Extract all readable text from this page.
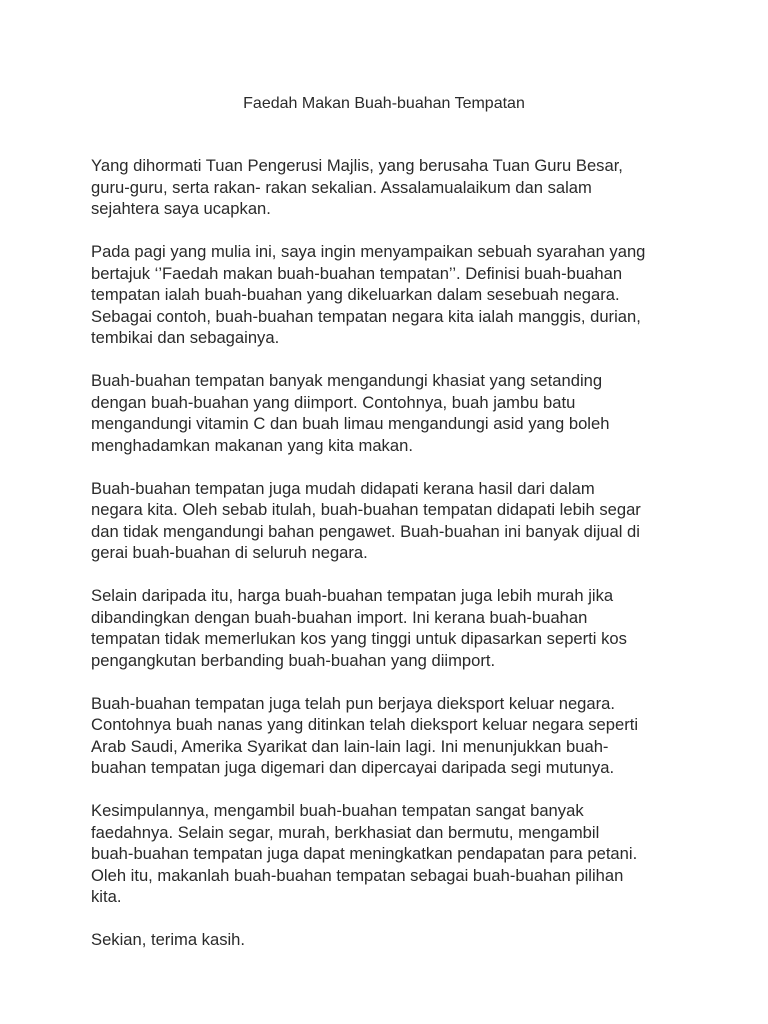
Faedah Makan Buah-buahan Tempatan

Yang dihormati Tuan Pengerusi Majlis, yang berusaha Tuan Guru Besar,
guru-guru, serta rakan- rakan sekalian. Assalamualaikum dan salam
sejahtera saya ucapkan.

Pada pagi yang mulia ini, saya ingin menyampaikan sebuah syarahan yang
bertajuk ‘’Faedah makan buah-buahan tempatan’’. Definisi buah-buahan
tempatan ialah buah-buahan yang dikeluarkan dalam sesebuah negara.
Sebagai contoh, buah-buahan tempatan negara kita ialah manggis, durian,
tembikai dan sebagainya.

Buah-buahan tempatan banyak mengandungi khasiat yang setanding
dengan buah-buahan yang diimport. Contohnya, buah jambu batu
mengandungi vitamin C dan buah limau mengandungi asid yang boleh
menghadamkan makanan yang kita makan.

Buah-buahan tempatan juga mudah didapati kerana hasil dari dalam
negara kita. Oleh sebab itulah, buah-buahan tempatan didapati lebih segar
dan tidak mengandungi bahan pengawet. Buah-buahan ini banyak dijual di
gerai buah-buahan di seluruh negara.

Selain daripada itu, harga buah-buahan tempatan juga lebih murah jika
dibandingkan dengan buah-buahan import. Ini kerana buah-buahan
tempatan tidak memerlukan kos yang tinggi untuk dipasarkan seperti kos
pengangkutan berbanding buah-buahan yang diimport.

Buah-buahan tempatan juga telah pun berjaya dieksport keluar negara.
Contohnya buah nanas yang ditinkan telah dieksport keluar negara seperti
Arab Saudi, Amerika Syarikat dan lain-lain lagi. Ini menunjukkan buah-
buahan tempatan juga digemari dan dipercayai daripada segi mutunya.

Kesimpulannya, mengambil buah-buahan tempatan sangat banyak
faedahnya. Selain segar, murah, berkhasiat dan bermutu, mengambil
buah-buahan tempatan juga dapat meningkatkan pendapatan para petani.
Oleh itu, makanlah buah-buahan tempatan sebagai buah-buahan pilihan
kita.

Sekian, terima kasih.
